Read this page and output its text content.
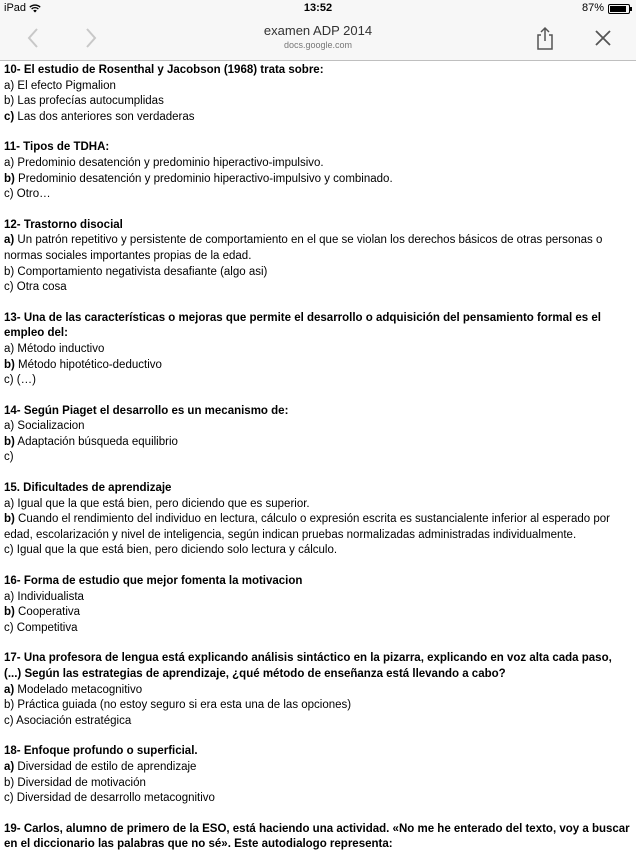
iPad	13:52	87%
examen ADP 2014
docs.google.com

10- El estudio de Rosenthal y Jacobson (1968) trata sobre:

a) El efecto Pigmalion

b) Las profecías autocumplidas

c) Las dos anteriores son verdaderas

11- Tipos de TDHA:

a) Predominio desatención y predominio hiperactivo-impulsivo.

b) Predominio desatención y predominio hiperactivo-impulsivo y combinado.

c) Otro…

12- Trastorno disocial

a) Un patrón repetitivo y persistente de comportamiento en el que se violan los derechos básicos de otras personas o normas sociales importantes propias de la edad.

b) Comportamiento negativista desafiante (algo asi)

c) Otra cosa

13- Una de las características o mejoras que permite el desarrollo o adquisición del pensamiento formal es el empleo del:

a) Método inductivo

b) Método hipotético-deductivo

c) (…)

14- Según Piaget el desarrollo es un mecanismo de:

a) Socializacion

b) Adaptación búsqueda equilibrio

c)

15. Dificultades de aprendizaje

a) Igual que la que está bien, pero diciendo que es superior.

b) Cuando el rendimiento del individuo en lectura, cálculo o expresión escrita es sustancialente inferior al esperado por edad, escolarización y nivel de inteligencia, según indican pruebas normalizadas administradas individualmente.

c) Igual que la que está bien, pero diciendo solo lectura y cálculo.

16- Forma de estudio que mejor fomenta la motivacion

a) Individualista

b) Cooperativa

c) Competitiva

17- Una profesora de lengua está explicando análisis sintáctico en la pizarra, explicando en voz alta cada paso, (...) Según las estrategias de aprendizaje, ¿qué método de enseñanza está llevando a cabo?

a) Modelado metacognitivo

b) Práctica guiada (no estoy seguro si era esta una de las opciones)

c) Asociación estratégica

18- Enfoque profundo o superficial.

a) Diversidad de estilo de aprendizaje

b) Diversidad de motivación

c) Diversidad de desarrollo metacognitivo

19- Carlos, alumno de primero de la ESO, está haciendo una actividad. «No me he enterado del texto, voy a buscar en el diccionario las palabras que no sé». Este autodialogo representa:
